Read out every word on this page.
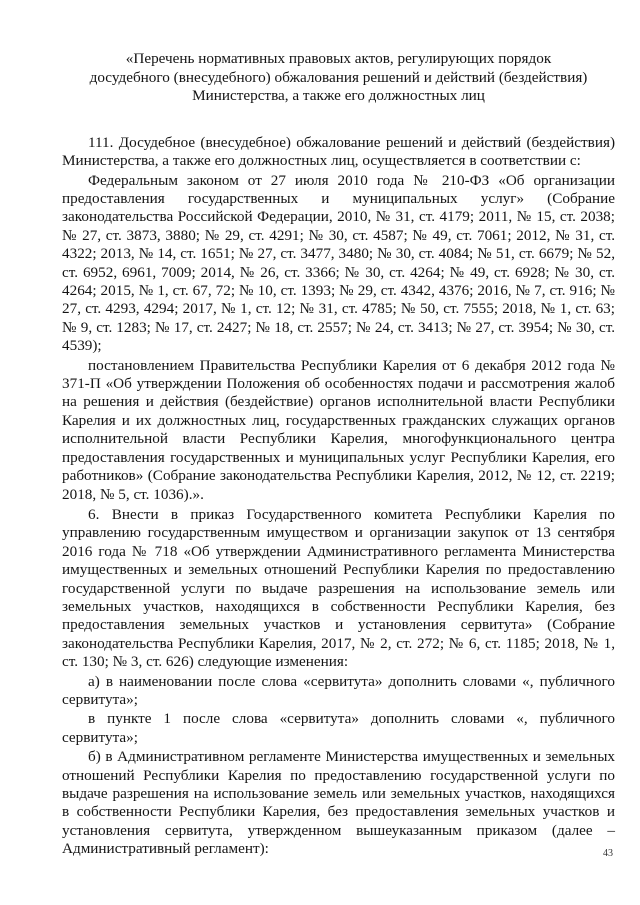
«Перечень нормативных правовых актов, регулирующих порядок
досудебного (внесудебного) обжалования решений и действий (бездействия)
Министерства, а также его должностных лиц

111. Досудебное (внесудебное) обжалование решений и действий (бездействия) Министерства, а также его должностных лиц, осуществляется в соответствии с:

Федеральным законом от 27 июля 2010 года № 210-ФЗ «Об организации предоставления государственных и муниципальных услуг» (Собрание законодательства Российской Федерации, 2010, № 31, ст. 4179; 2011, № 15, ст. 2038; № 27, ст. 3873, 3880; № 29, ст. 4291; № 30, ст. 4587; № 49, ст. 7061; 2012, № 31, ст. 4322; 2013, № 14, ст. 1651; № 27, ст. 3477, 3480; № 30, ст. 4084; № 51, ст. 6679; № 52, ст. 6952, 6961, 7009; 2014, № 26, ст. 3366; № 30, ст. 4264; № 49, ст. 6928; № 30, ст. 4264; 2015, № 1, ст. 67, 72; № 10, ст. 1393; № 29, ст. 4342, 4376; 2016, № 7, ст. 916; № 27, ст. 4293, 4294; 2017, № 1, ст. 12; № 31, ст. 4785; № 50, ст. 7555; 2018, № 1, ст. 63; № 9, ст. 1283; № 17, ст. 2427; № 18, ст. 2557; № 24, ст. 3413; № 27, ст. 3954; № 30, ст. 4539);

постановлением Правительства Республики Карелия от 6 декабря 2012 года № 371-П «Об утверждении Положения об особенностях подачи и рассмотрения жалоб на решения и действия (бездействие) органов исполнительной власти Республики Карелия и их должностных лиц, государственных гражданских служащих органов исполнительной власти Республики Карелия, многофункционального центра предоставления государственных и муниципальных услуг Республики Карелия, его работников» (Собрание законодательства Республики Карелия, 2012, № 12, ст. 2219; 2018, № 5, ст. 1036).».

6. Внести в приказ Государственного комитета Республики Карелия по управлению государственным имуществом и организации закупок от 13 сентября 2016 года № 718 «Об утверждении Административного регламента Министерства имущественных и земельных отношений Республики Карелия по предоставлению государственной услуги по выдаче разрешения на использование земель или земельных участков, находящихся в собственности Республики Карелия, без предоставления земельных участков и установления сервитута» (Собрание законодательства Республики Карелия, 2017, № 2, ст. 272; № 6, ст. 1185; 2018, № 1, ст. 130; № 3, ст. 626) следующие изменения:

а) в наименовании после слова «сервитута» дополнить словами «, публичного сервитута»;

в пункте 1 после слова «сервитута» дополнить словами «, публичного сервитута»;

б) в Административном регламенте Министерства имущественных и земельных отношений Республики Карелия по предоставлению государственной услуги по выдаче разрешения на использование земель или земельных участков, находящихся в собственности Республики Карелия, без предоставления земельных участков и установления сервитута, утвержденном вышеуказанным приказом (далее – Административный регламент):	43
